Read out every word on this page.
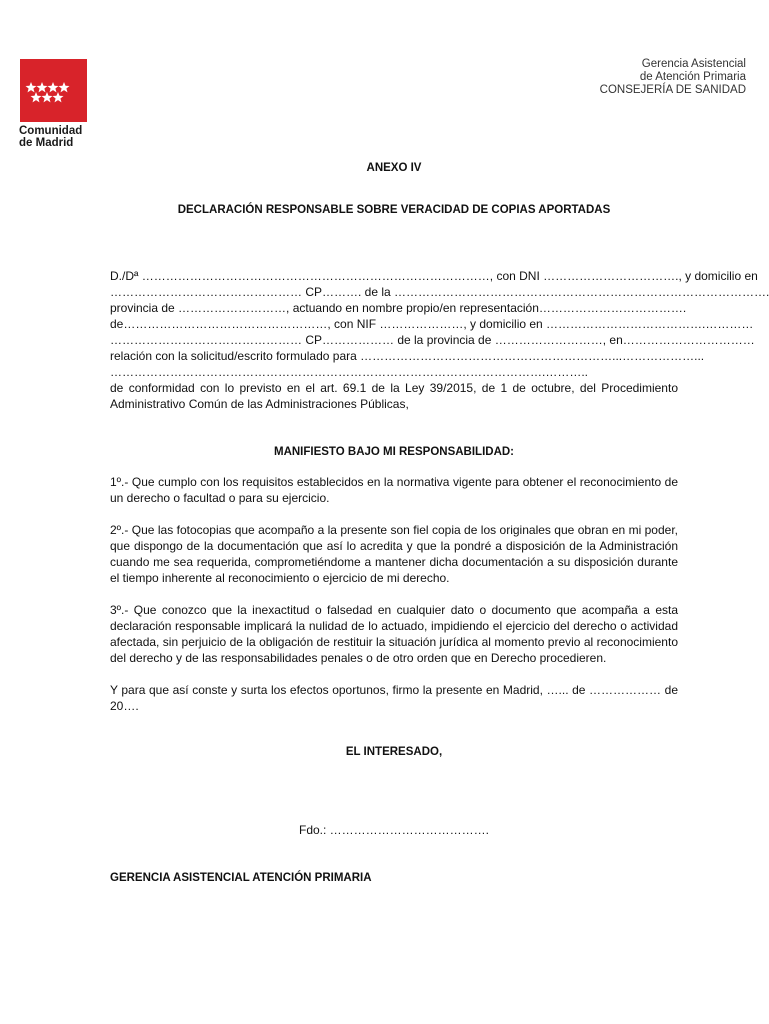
Comunidad
de Madrid
Gerencia Asistencial
de Atención Primaria
CONSEJERÍA DE SANIDAD
ANEXO IV
DECLARACIÓN RESPONSABLE SOBRE VERACIDAD DE COPIAS APORTADAS
D./Dª ……………………………………………………………………………, con DNI ……………………………., y domicilio en
………………………………………… CP………. de la ………………………………………………………………………………….
provincia de ………………………, actuando en nombre propio/en representación……………………………….
de……………………………………………, con NIF …………………, y domicilio en ………………………………….…………
………………………………………… CP……………… de la provincia de ………………………, en……………………………
relación con la solicitud/escrito formulado para ………………………………………………………...………………...
……………………………………………………………………………………………….………..

de conformidad con lo previsto en el art. 69.1 de la Ley 39/2015, de 1 de octubre, del Procedimiento Administrativo Común de las Administraciones Públicas,

MANIFIESTO BAJO MI RESPONSABILIDAD:

1º.- Que cumplo con los requisitos establecidos en la normativa vigente para obtener el reconocimiento de un derecho o facultad o para su ejercicio.

2º.- Que las fotocopias que acompaño a la presente son fiel copia de los originales que obran en mi poder, que dispongo de la documentación que así lo acredita y que la pondré a disposición de la Administración cuando me sea requerida, comprometiéndome a mantener dicha documentación a su disposición durante el tiempo inherente al reconocimiento o ejercicio de mi derecho.

3º.- Que conozco que la inexactitud o falsedad en cualquier dato o documento que acompaña a esta declaración responsable implicará la nulidad de lo actuado, impidiendo el ejercicio del derecho o actividad afectada, sin perjuicio de la obligación de restituir la situación jurídica al momento previo al reconocimiento del derecho y de las responsabilidades penales o de otro orden que en Derecho procedieren.

Y para que así conste y surta los efectos oportunos, firmo la presente en Madrid, …... de ……………… de 20….

EL INTERESADO,
Fdo.: ………………………………….
GERENCIA ASISTENCIAL ATENCIÓN PRIMARIA
